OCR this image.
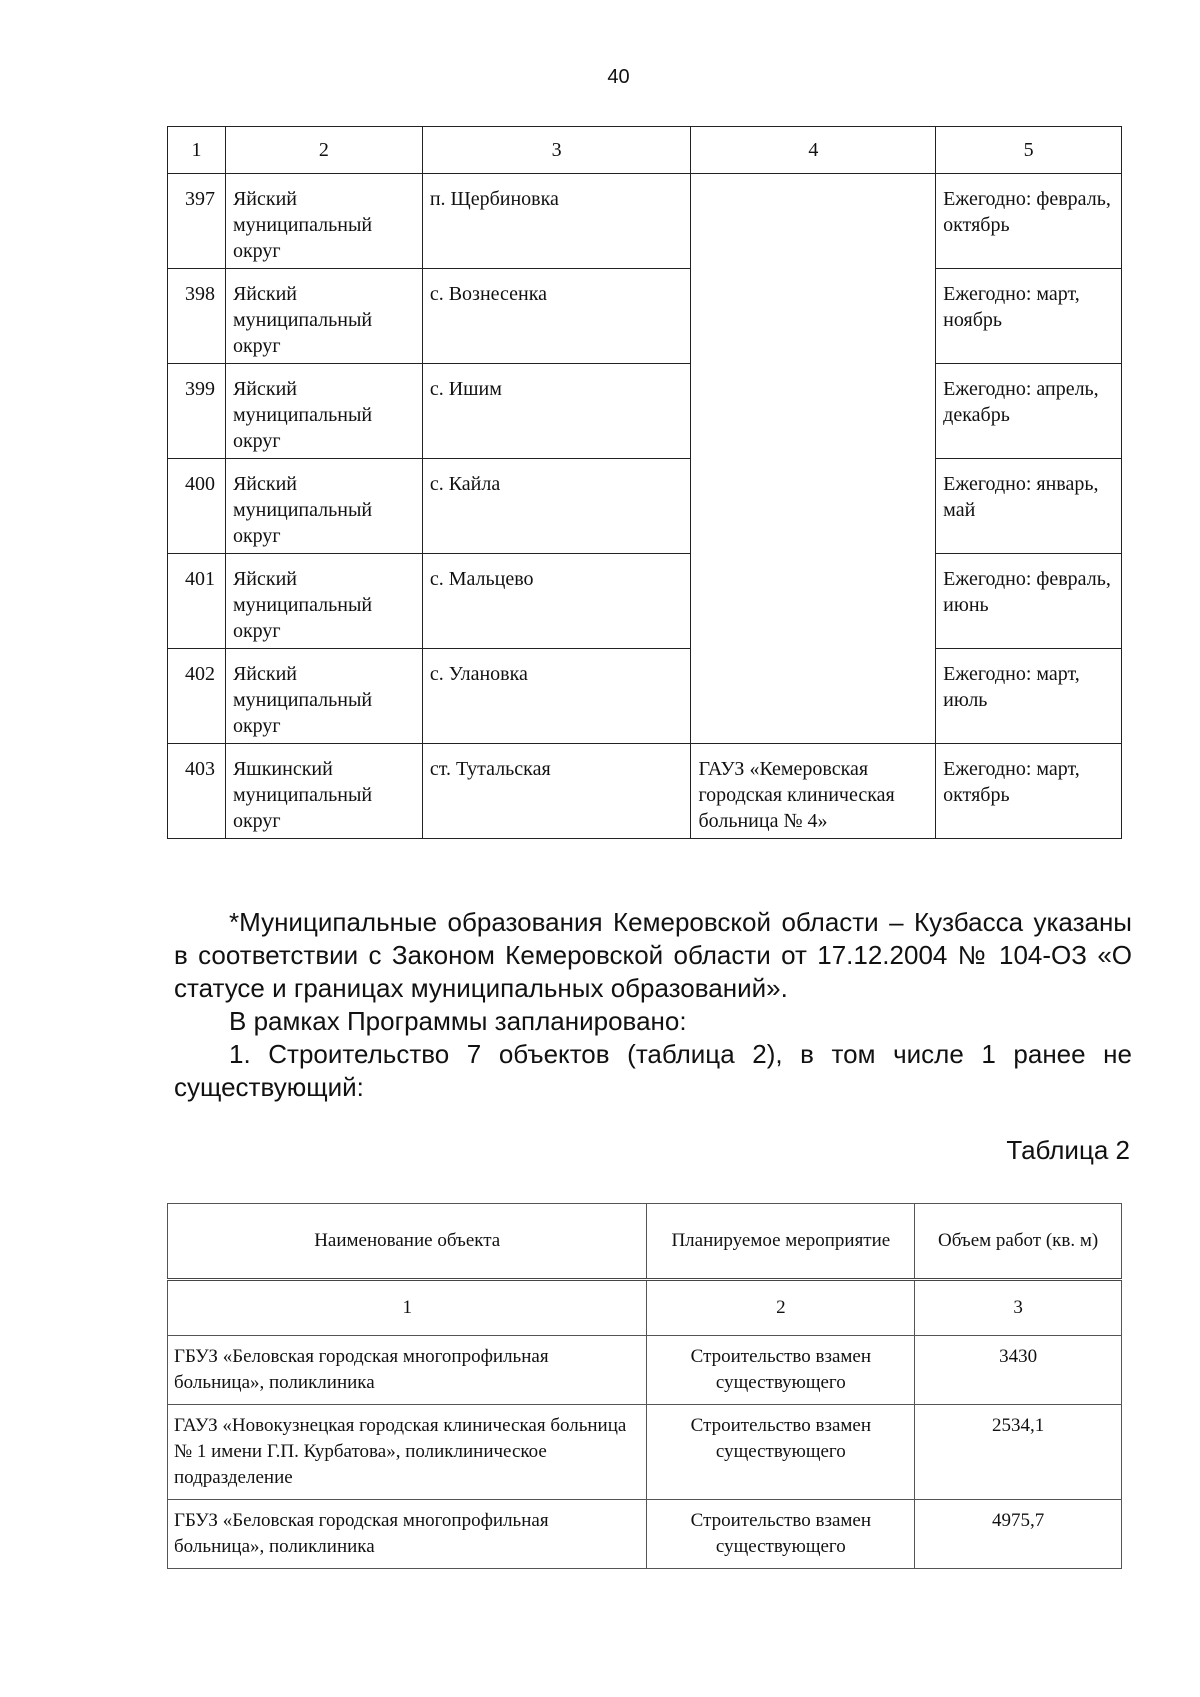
40
1	2	3	4	5
397	Яйский муниципальный округ	п. Щербиновка		Ежегодно: февраль, октябрь
398	Яйский муниципальный округ	с. Вознесенка		Ежегодно: март, ноябрь
399	Яйский муниципальный округ	с. Ишим		Ежегодно: апрель, декабрь
400	Яйский муниципальный округ	с. Кайла		Ежегодно: январь, май
401	Яйский муниципальный округ	с. Мальцево		Ежегодно: февраль, июнь
402	Яйский муниципальный округ	с. Улановка		Ежегодно: март, июль
403	Яшкинский муниципальный округ	ст. Тутальская	ГАУЗ «Кемеровская городская клиническая больница № 4»	Ежегодно: март, октябрь

*Муниципальные образования Кемеровской области – Кузбасса указаны в соответствии с Законом Кемеровской области от 17.12.2004 № 104-ОЗ «О статусе и границах муниципальных образований».

В рамках Программы запланировано:

1. Строительство 7 объектов (таблица 2), в том числе 1 ранее не существующий:

Таблица 2
Наименование объекта	Планируемое мероприятие	Объем работ (кв. м)
1	2	3
ГБУЗ «Беловская городская многопрофильная больница», поликлиника	Строительство взамен существующего	3430
ГАУЗ «Новокузнецкая городская клиническая больница № 1 имени Г.П. Курбатова», поликлиническое подразделение	Строительство взамен существующего	2534,1
ГБУЗ «Беловская городская многопрофильная больница», поликлиника	Строительство взамен существующего	4975,7
